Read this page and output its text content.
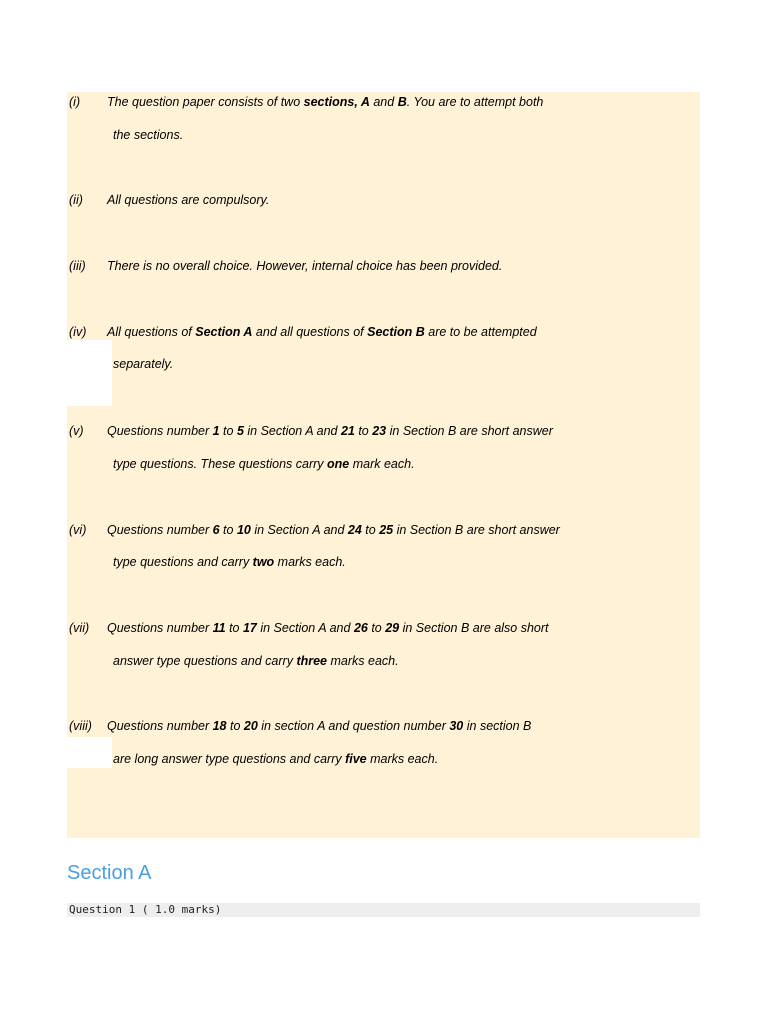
(i) The question paper consists of two sections, A and B. You are to attempt both
the sections.
(ii) All questions are compulsory.
(iii) There is no overall choice. However, internal choice has been provided.
(iv) All questions of Section A and all questions of Section B are to be attempted
separately.
(v) Questions number 1 to 5 in Section A and 21 to 23 in Section B are short answer
type questions. These questions carry one mark each.
(vi) Questions number 6 to 10 in Section A and 24 to 25 in Section B are short answer
type questions and carry two marks each.
(vii) Questions number 11 to 17 in Section A and 26 to 29 in Section B are also short
answer type questions and carry three marks each.
(viii) Questions number 18 to 20 in section A and question number 30 in section B
are long answer type questions and carry five marks each.
Section A
Question 1 ( 1.0 marks)
